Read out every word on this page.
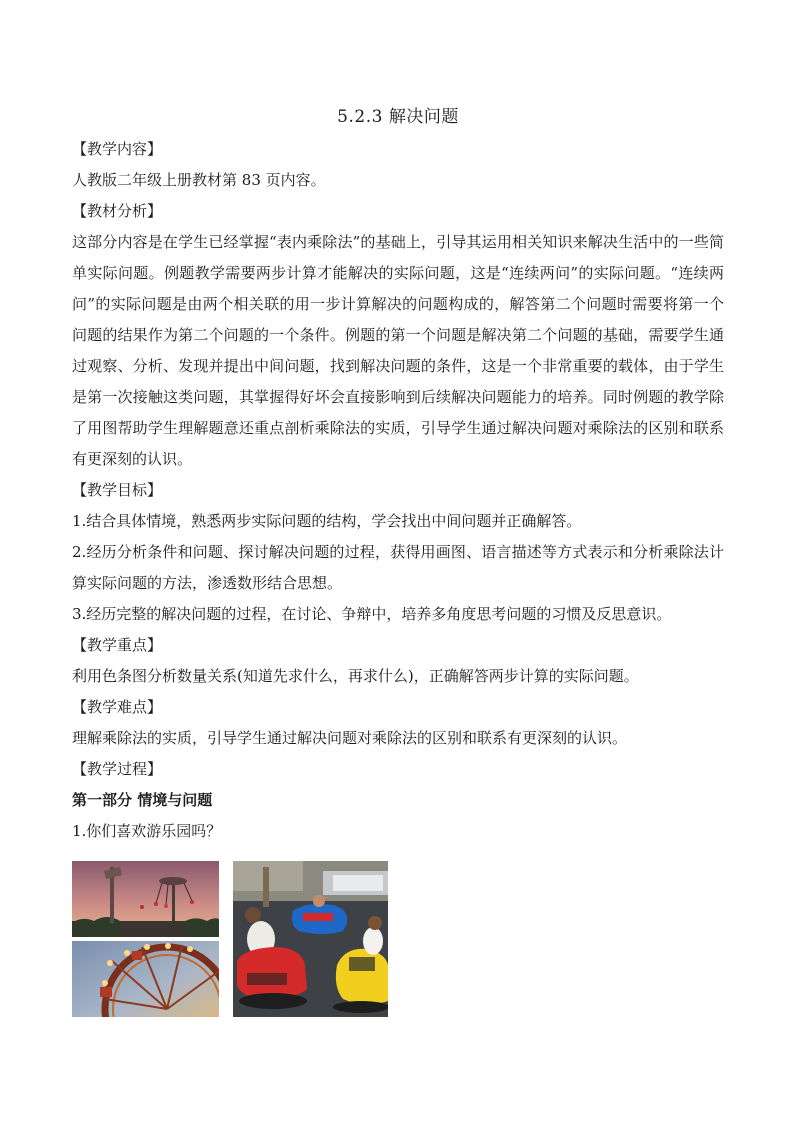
5.2.3 解决问题
【教学内容】
人教版二年级上册教材第 83 页内容。
【教材分析】
这部分内容是在学生已经掌握“表内乘除法”的基础上，引导其运用相关知识来解决生活中的一些简单实际问题。例题教学需要两步计算才能解决的实际问题，这是“连续两问”的实际问题。“连续两问”的实际问题是由两个相关联的用一步计算解决的问题构成的，解答第二个问题时需要将第一个问题的结果作为第二个问题的一个条件。例题的第一个问题是解决第二个问题的基础，需要学生通过观察、分析、发现并提出中间问题，找到解决问题的条件，这是一个非常重要的载体，由于学生是第一次接触这类问题，其掌握得好坏会直接影响到后续解决问题能力的培养。同时例题的教学除了用图帮助学生理解题意还重点剖析乘除法的实质，引导学生通过解决问题对乘除法的区别和联系有更深刻的认识。
【教学目标】
1.结合具体情境，熟悉两步实际问题的结构，学会找出中间问题并正确解答。
2.经历分析条件和问题、探讨解决问题的过程，获得用画图、语言描述等方式表示和分析乘除法计算实际问题的方法，渗透数形结合思想。
3.经历完整的解决问题的过程，在讨论、争辩中，培养多角度思考问题的习惯及反思意识。
【教学重点】
利用色条图分析数量关系(知道先求什么，再求什么)，正确解答两步计算的实际问题。
【教学难点】
理解乘除法的实质，引导学生通过解决问题对乘除法的区别和联系有更深刻的认识。
【教学过程】
第一部分 情境与问题
1.你们喜欢游乐园吗？
